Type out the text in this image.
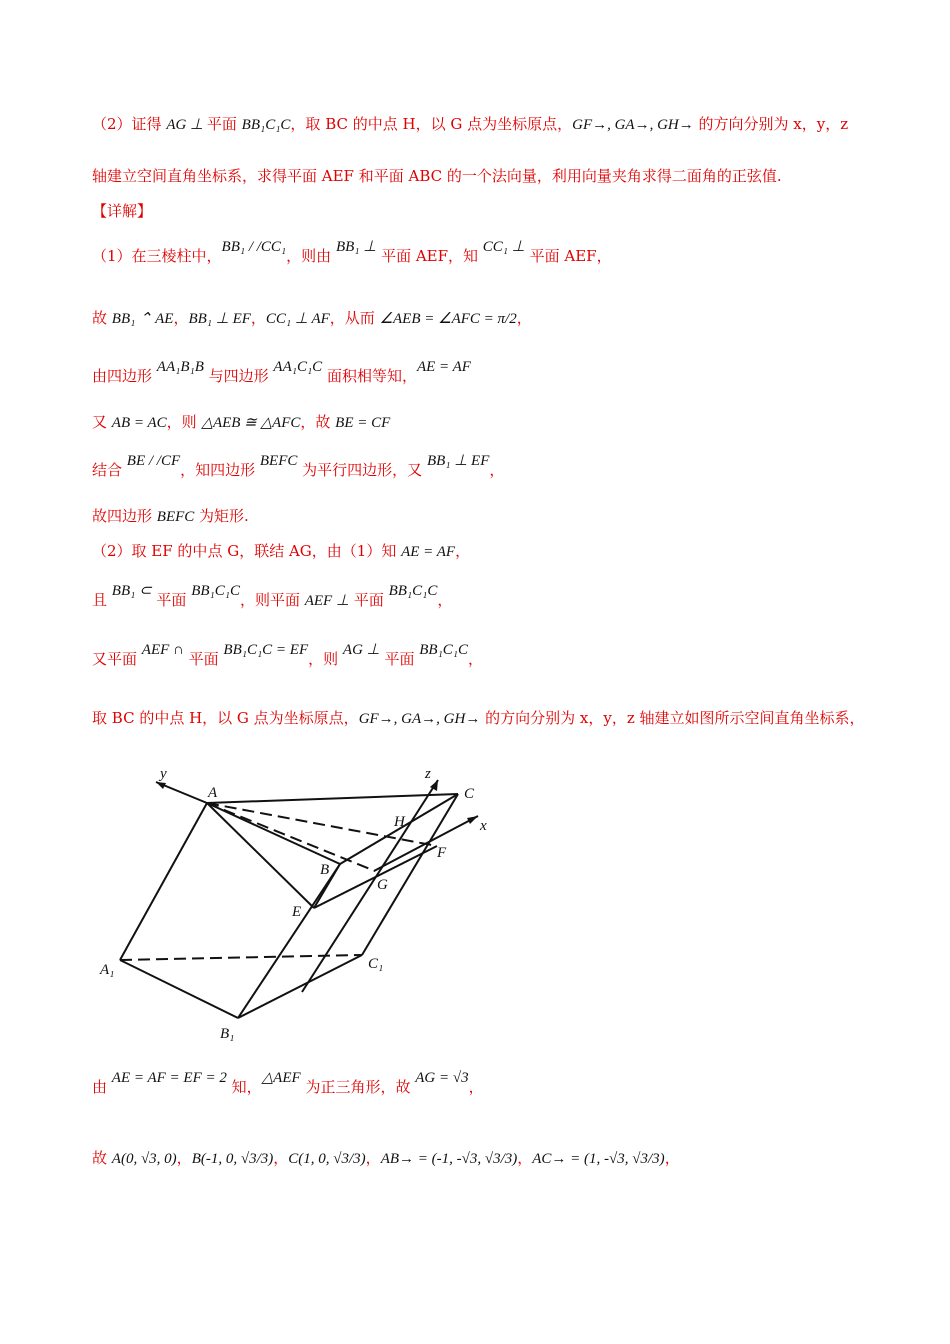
（2）证得 AG ⊥ 平面 BB₁C₁C，取 BC 的中点 H，以 G 点为坐标原点，GF→, GA→, GH→ 的方向分别为 x，y，z
轴建立空间直角坐标系，求得平面 AEF 和平面 ABC 的一个法向量，利用向量夹角求得二面角的正弦值.
【详解】
（1）在三棱柱中，BB₁ / /CC₁，则由 BB₁ ⊥ 平面 AEF，知 CC₁ ⊥ 平面 AEF，
故 BB₁ ⌃ AE，BB₁ ⊥ EF，CC₁ ⊥ AF，从而 ∠AEB = ∠AFC = π/2，
由四边形 AA₁B₁B 与四边形 AA₁C₁C 面积相等知，AE = AF
又 AB = AC，则 △AEB ≅ △AFC，故 BE = CF
结合 BE / /CF，知四边形 BEFC 为平行四边形，又 BB₁ ⊥ EF，
故四边形 BEFC 为矩形.
（2）取 EF 的中点 G，联结 AG，由（1）知 AE = AF，
且 BB₁ ⊂ 平面 BB₁C₁C，则平面 AEF ⊥ 平面 BB₁C₁C，
又平面 AEF ∩ 平面 BB₁C₁C = EF，则 AG ⊥ 平面 BB₁C₁C，
取 BC 的中点 H，以 G 点为坐标原点，GF→, GA→, GH→ 的方向分别为 x，y，z 轴建立如图所示空间直角坐标系，
由 AE = AF = EF = 2 知，△AEF 为正三角形，故 AG = √3，
故 A(0, √3, 0)，B(-1, 0, √3/3)，C(1, 0, √3/3)，AB→ = (-1, -√3, √3/3)，AC→ = (1, -√3, √3/3)，
y	z
x
A	C
H
F
B
G
E
A₁	C₁
B₁
